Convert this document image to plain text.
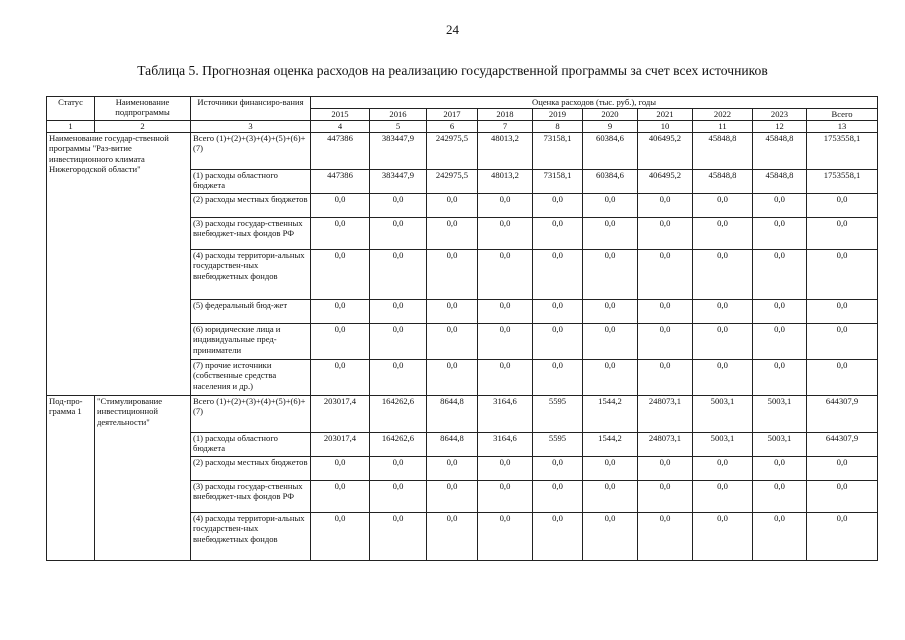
24
Таблица 5. Прогнозная оценка расходов на реализацию государственной программы за счет всех источников
Статус	Наименование подпрограммы	Источники финансиро-вания	Оценка расходов (тыс. руб.), годы									
			2015	2016	2017	2018	2019	2020	2021	2022	2023	Всего
1	2	3	4	5	6	7	8	9	10	11	12	13
Наименование государ-ственной программы "Раз-витие инвестиционного климата Нижегородской области"		Всего (1)+(2)+(3)+(4)+(5)+(6)+(7)	447386	383447,9	242975,5	48013,2	73158,1	60384,6	406495,2	45848,8	45848,8	1753558,1
		(1) расходы областного бюджета	447386	383447,9	242975,5	48013,2	73158,1	60384,6	406495,2	45848,8	45848,8	1753558,1
		(2) расходы местных бюджетов	0,0	0,0	0,0	0,0	0,0	0,0	0,0	0,0	0,0	0,0
		(3) расходы государ-ственных внебюджет-ных фондов РФ	0,0	0,0	0,0	0,0	0,0	0,0	0,0	0,0	0,0	0,0
		(4) расходы территори-альных государствен-ных внебюджетных фондов	0,0	0,0	0,0	0,0	0,0	0,0	0,0	0,0	0,0	0,0
		(5) федеральный бюд-жет	0,0	0,0	0,0	0,0	0,0	0,0	0,0	0,0	0,0	0,0
		(6) юридические лица и индивидуальные пред-приниматели	0,0	0,0	0,0	0,0	0,0	0,0	0,0	0,0	0,0	0,0
		(7) прочие источники (собственные средства населения и др.)	0,0	0,0	0,0	0,0	0,0	0,0	0,0	0,0	0,0	0,0
Под-про-грамма 1	"Стимулирование инвестиционной деятельности"	Всего (1)+(2)+(3)+(4)+(5)+(6)+(7)	203017,4	164262,6	8644,8	3164,6	5595	1544,2	248073,1	5003,1	5003,1	644307,9
		(1) расходы областного бюджета	203017,4	164262,6	8644,8	3164,6	5595	1544,2	248073,1	5003,1	5003,1	644307,9
		(2) расходы местных бюджетов	0,0	0,0	0,0	0,0	0,0	0,0	0,0	0,0	0,0	0,0
		(3) расходы государ-ственных внебюджет-ных фондов РФ	0,0	0,0	0,0	0,0	0,0	0,0	0,0	0,0	0,0	0,0
		(4) расходы территори-альных государствен-ных внебюджетных фондов	0,0	0,0	0,0	0,0	0,0	0,0	0,0	0,0	0,0	0,0
